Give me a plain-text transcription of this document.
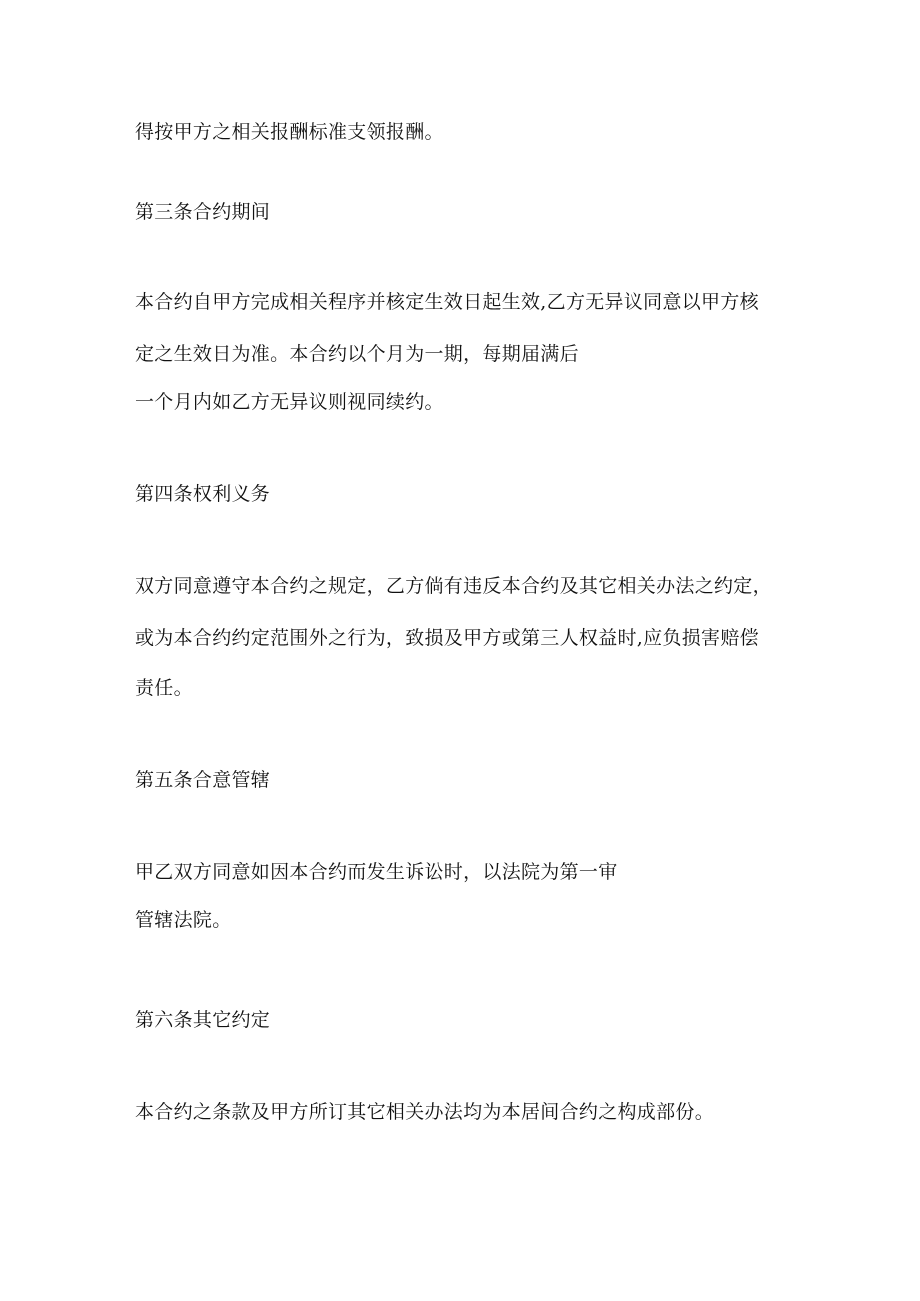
得按甲方之相关报酬标准支领报酬。
第三条合约期间
本合约自甲方完成相关程序并核定生效日起生效,乙方无异议同意以甲方核
定之生效日为准。本合约以个月为一期，每期届满后
一个月内如乙方无异议则视同续约。
第四条权利义务
双方同意遵守本合约之规定，乙方倘有违反本合约及其它相关办法之约定，
或为本合约约定范围外之行为，致损及甲方或第三人权益时,应负损害赔偿
责任。
第五条合意管辖
甲乙双方同意如因本合约而发生诉讼时，以法院为第一审
管辖法院。
第六条其它约定
本合约之条款及甲方所订其它相关办法均为本居间合约之构成部份。
